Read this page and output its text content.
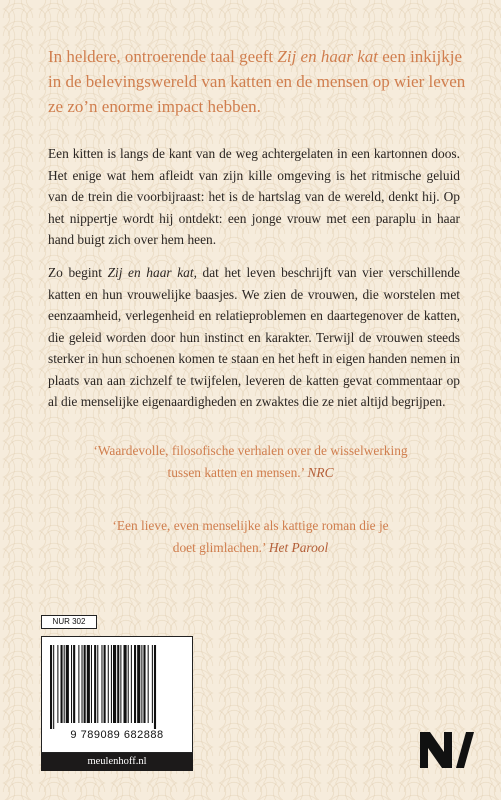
In heldere, ontroerende taal geeft Zij en haar kat een inkijkje in de belevingswereld van katten en de mensen op wier leven ze zo’n enorme impact hebben.

Een kitten is langs de kant van de weg achtergelaten in een kartonnen doos. Het enige wat hem afleidt van zijn kille omgeving is het ritmische geluid van de trein die voorbijraast: het is de hartslag van de wereld, denkt hij. Op het nippertje wordt hij ontdekt: een jonge vrouw met een paraplu in haar hand buigt zich over hem heen.

Zo begint Zij en haar kat, dat het leven beschrijft van vier verschillende katten en hun vrouwelijke baasjes. We zien de vrouwen, die worstelen met eenzaamheid, verlegenheid en relatieproblemen en daartegenover de katten, die geleid worden door hun instinct en karakter. Terwijl de vrouwen steeds sterker in hun schoenen komen te staan en het heft in eigen handen nemen in plaats van aan zichzelf te twijfelen, leveren de katten gevat commentaar op al die menselijke eigenaardigheden en zwaktes die ze niet altijd begrijpen.

‘Waardevolle, filosofische verhalen over de wisselwerking
tussen katten en mensen.’ NRC

‘Een lieve, even menselijke als kattige roman die je
doet glimlachen.’ Het Parool

NUR 302
9 789089 682888
meulenhoff.nl
